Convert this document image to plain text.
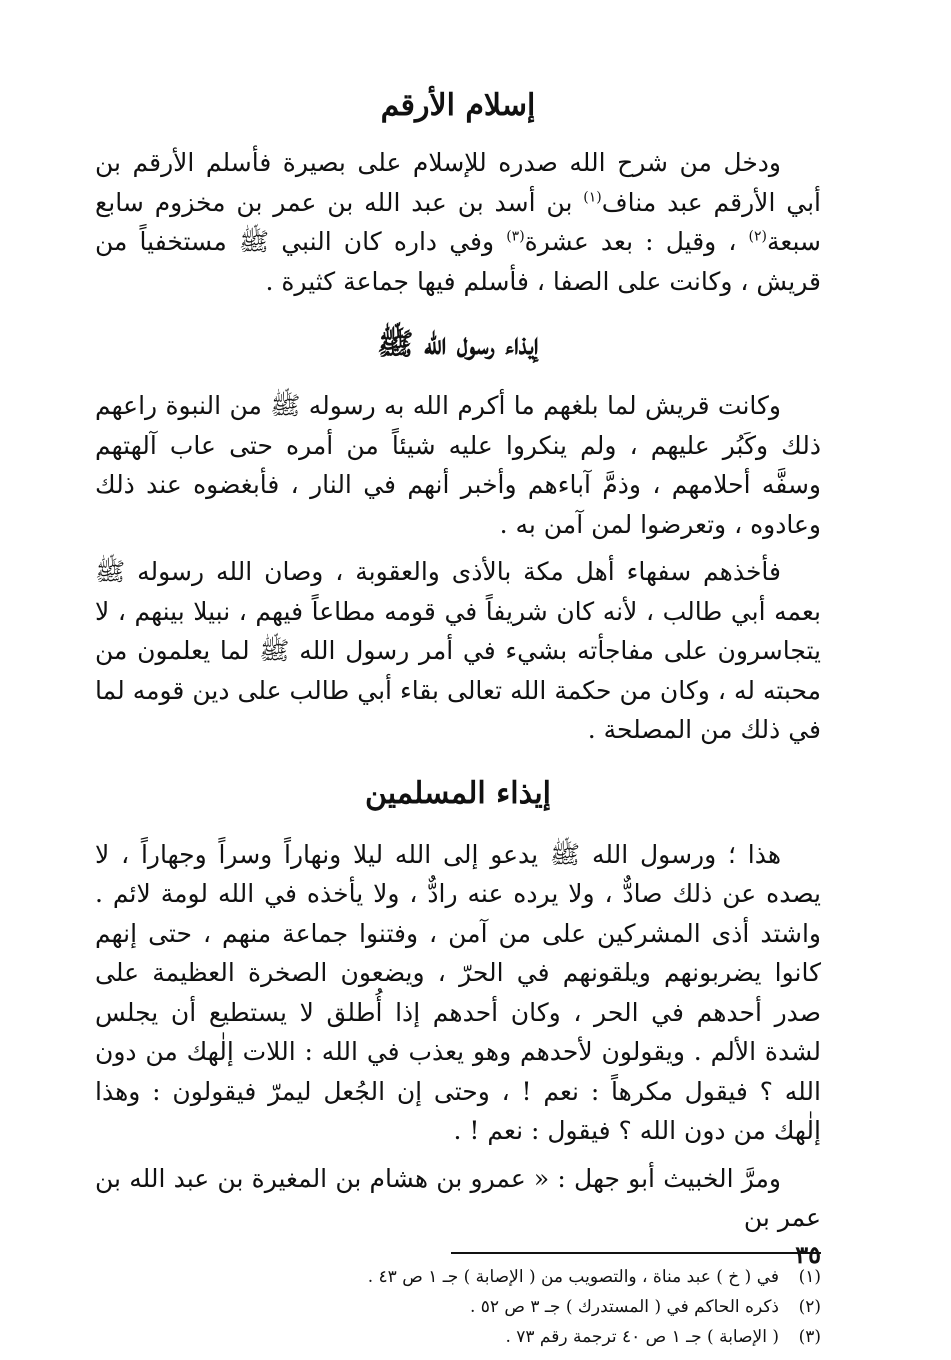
إسلام الأرقم

ودخل من شرح الله صدره للإسلام على بصيرة فأسلم الأرقم بن أبي الأرقم عبد مناف$^{(١)}$ بن أسد بن عبد الله بن عمر بن مخزوم سابع سبعة$^{(٢)}$ ، وقيل : بعد عشرة$^{(٣)}$ وفي داره كان النبي ﷺ مستخفياً من قريش ، وكانت على الصفا ، فأسلم فيها جماعة كثيرة .

إيذاء رسول الله ﷺ

وكانت قريش لما بلغهم ما أكرم الله به رسوله ﷺ من النبوة راعهم ذلك وكَبُر عليهم ، ولم ينكروا عليه شيئاً من أمره حتى عاب آلهتهم وسفَّه أحلامهم ، وذمَّ آباءهم وأخبر أنهم في النار ، فأبغضوه عند ذلك وعادوه ، وتعرضوا لمن آمن به .

فأخذهم سفهاء أهل مكة بالأذى والعقوبة ، وصان الله رسوله ﷺ بعمه أبي طالب ، لأنه كان شريفاً في قومه مطاعاً فيهم ، نبيلا بينهم ، لا يتجاسرون على مفاجأته بشيء في أمر رسول الله ﷺ لما يعلمون من محبته له ، وكان من حكمة الله تعالى بقاء أبي طالب على دين قومه لما في ذلك من المصلحة .

إيذاء المسلمين

هذا ؛ ورسول الله ﷺ يدعو إلى الله ليلا ونهاراً وسراً وجهاراً ، لا يصده عن ذلك صادٌّ ، ولا يرده عنه رادٌّ ، ولا يأخذه في الله لومة لائم . واشتد أذى المشركين على من آمن ، وفتنوا جماعة منهم ، حتى إنهم كانوا يضربونهم ويلقونهم في الحرّ ، ويضعون الصخرة العظيمة على صدر أحدهم في الحر ، وكان أحدهم إذا أُطلق لا يستطيع أن يجلس لشدة الألم . ويقولون لأحدهم وهو يعذب في الله : اللات إلٰهك من دون الله ؟ فيقول مكرهاً : نعم ! ، وحتى إن الجُعل ليمرّ فيقولون : وهذا إلٰهك من دون الله ؟ فيقول : نعم ! .

ومرَّ الخبيث أبو جهل : « عمرو بن هشام بن المغيرة بن عبد الله بن عمر بن

(١)في ( خ ) عبد مناة ، والتصويب من ( الإصابة ) جـ ١ ص ٤٣ .

(٢)ذكره الحاكم في ( المستدرك ) جـ ٣ ص ٥٢ .

(٣)( الإصابة ) جـ ١ ص ٤٠ ترجمة رقم ٧٣ .

٣٥
